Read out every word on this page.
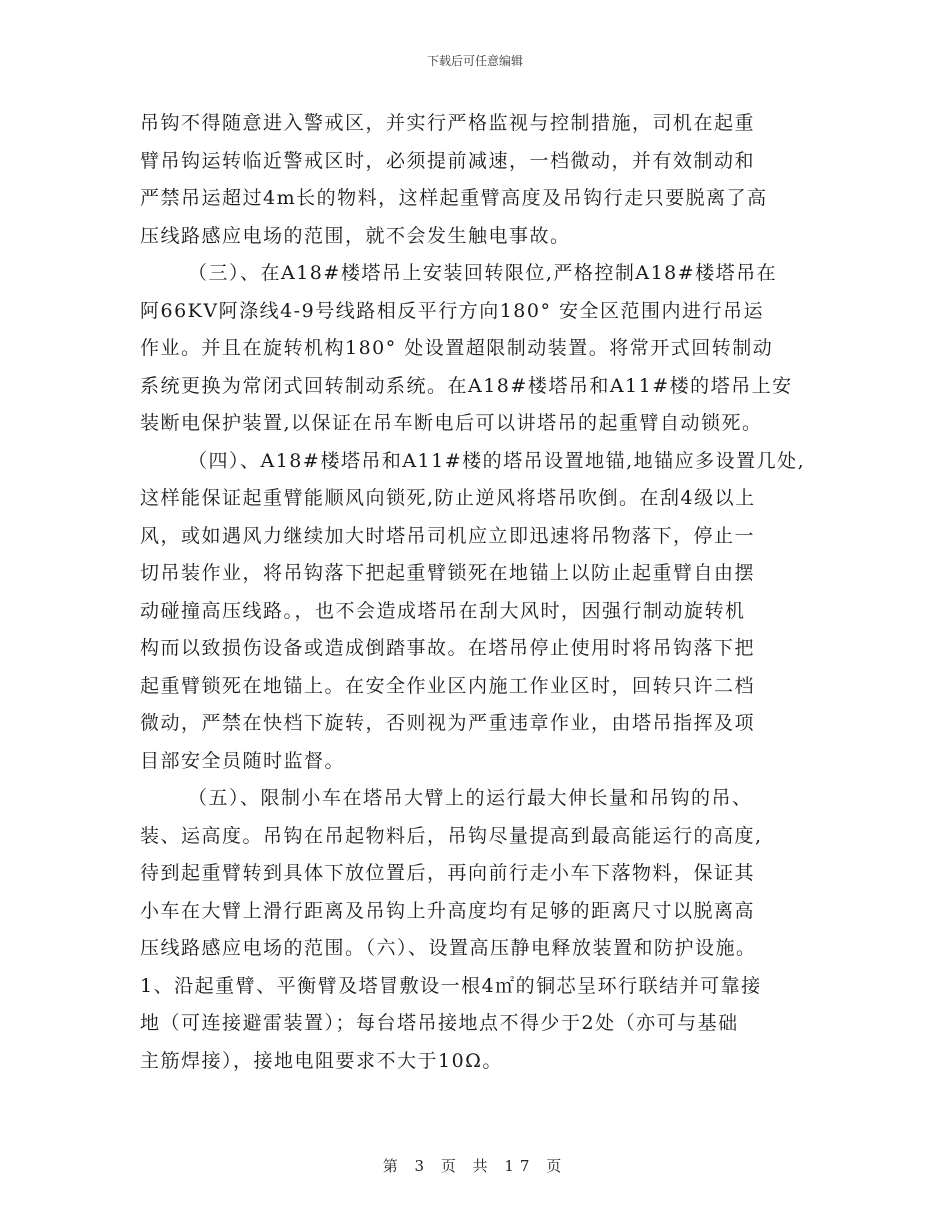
下载后可任意编辑
吊钩不得随意进入警戒区，并实行严格监视与控制措施，司机在起重
臂吊钩运转临近警戒区时，必须提前减速，一档微动，并有效制动和
严禁吊运超过4m长的物料，这样起重臂高度及吊钩行走只要脱离了高
压线路感应电场的范围，就不会发生触电事故。
（三）、在A18#楼塔吊上安装回转限位,严格控制A18#楼塔吊在
阿66KV阿涤线4-9号线路相反平行方向180° 安全区范围内进行吊运
作业。并且在旋转机构180° 处设置超限制动装置。将常开式回转制动
系统更换为常闭式回转制动系统。在A18#楼塔吊和A11#楼的塔吊上安
装断电保护装置,以保证在吊车断电后可以讲塔吊的起重臂自动锁死。
（四）、A18#楼塔吊和A11#楼的塔吊设置地锚,地锚应多设置几处,
这样能保证起重臂能顺风向锁死,防止逆风将塔吊吹倒。在刮4级以上
风，或如遇风力继续加大时塔吊司机应立即迅速将吊物落下，停止一
切吊装作业，将吊钩落下把起重臂锁死在地锚上以防止起重臂自由摆
动碰撞高压线路。，也不会造成塔吊在刮大风时，因强行制动旋转机
构而以致损伤设备或造成倒踏事故。在塔吊停止使用时将吊钩落下把
起重臂锁死在地锚上。在安全作业区内施工作业区时，回转只许二档
微动，严禁在快档下旋转，否则视为严重违章作业，由塔吊指挥及项
目部安全员随时监督。
（五）、限制小车在塔吊大臂上的运行最大伸长量和吊钩的吊、
装、运高度。吊钩在吊起物料后，吊钩尽量提高到最高能运行的高度,
待到起重臂转到具体下放位置后，再向前行走小车下落物料，保证其
小车在大臂上滑行距离及吊钩上升高度均有足够的距离尺寸以脱离高
压线路感应电场的范围。（六）、设置高压静电释放装置和防护设施。
1、沿起重臂、平衡臂及塔冒敷设一根4㎡的铜芯呈环行联结并可靠接
地（可连接避雷装置）；每台塔吊接地点不得少于2处（亦可与基础
主筋焊接），接地电阻要求不大于10Ω。
第 3 页 共 17 页
